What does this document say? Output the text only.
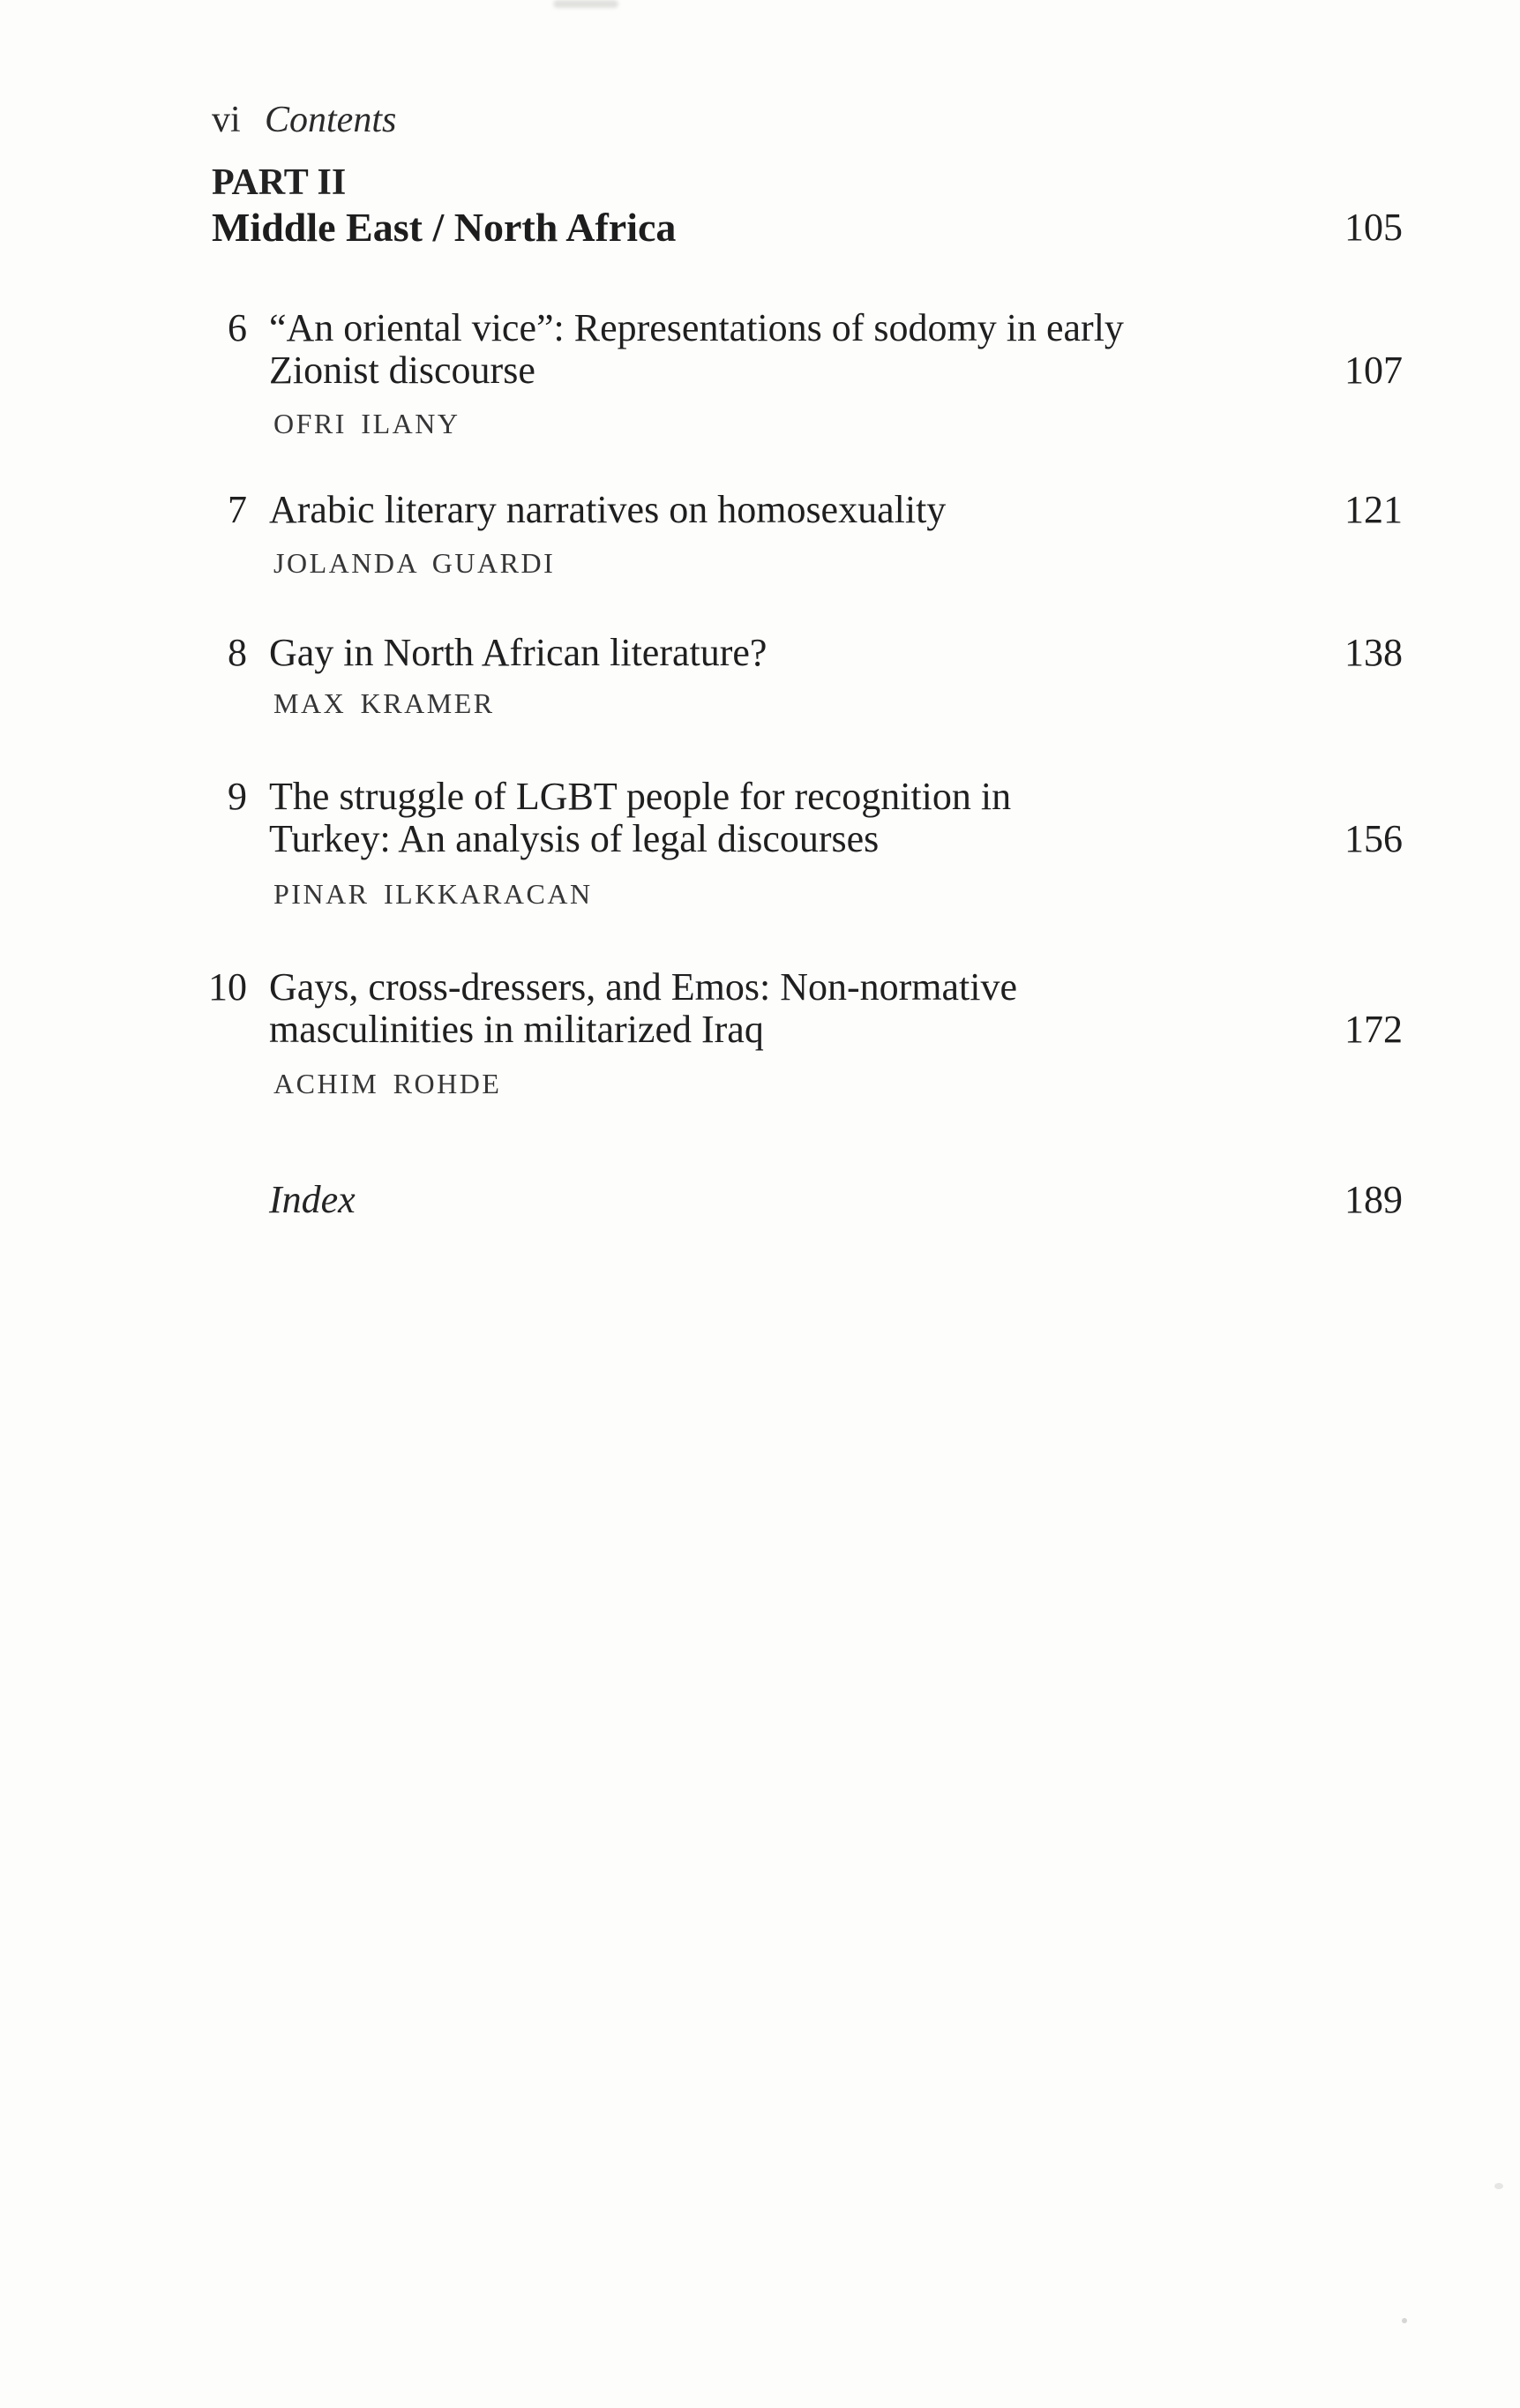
vi Contents
PART II
Middle East / North Africa	105
6 “An oriental vice”: Representations of sodomy in early
Zionist discourse	107
OFRI ILANY
7 Arabic literary narratives on homosexuality	121
JOLANDA GUARDI
8 Gay in North African literature?	138
MAX KRAMER
9 The struggle of LGBT people for recognition in
Turkey: An analysis of legal discourses	156
PINAR ILKKARACAN
10 Gays, cross-dressers, and Emos: Non-normative
masculinities in militarized Iraq	172
ACHIM ROHDE
Index	189
